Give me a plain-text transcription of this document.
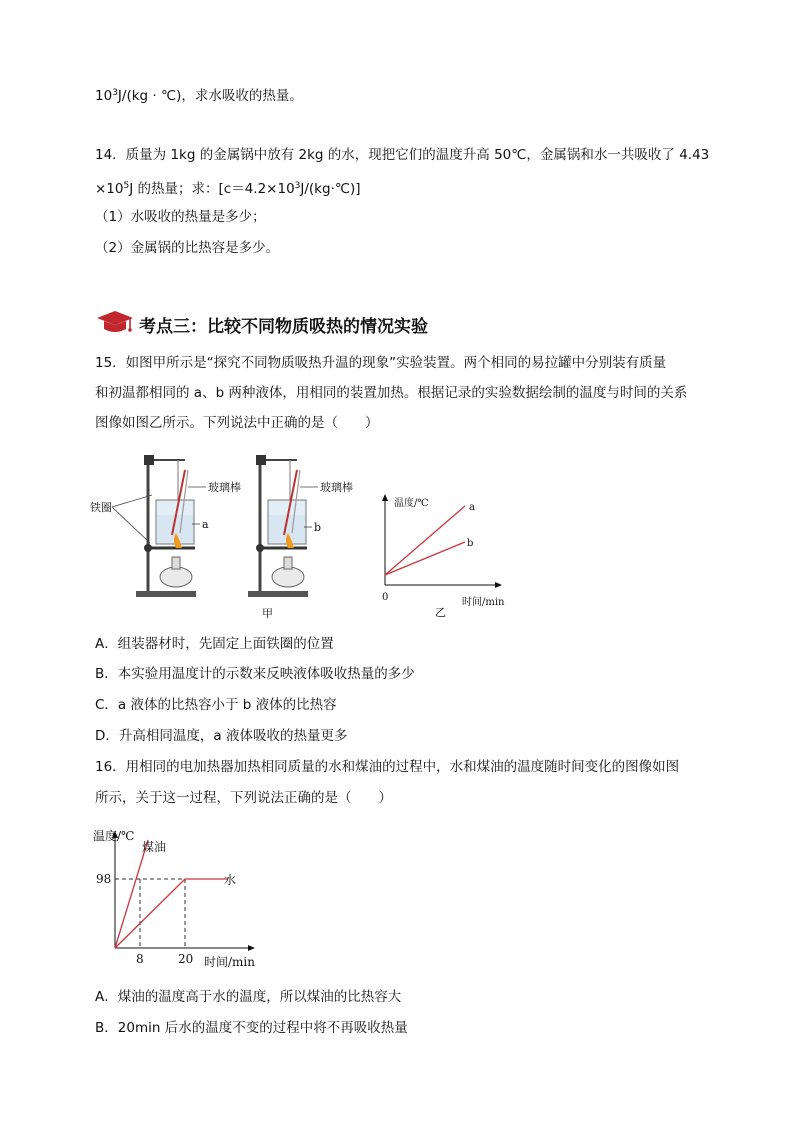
$10^3J/(kg$ · ℃)，求水吸收的热量。
14．质量为 1kg 的金属锅中放有 2kg 的水，现把它们的温度升高 50℃，金属锅和水一共吸收了 4.43
$\times 10^5J$ 的热量；求：$[c=4.2\times 10^3J/(kg\cdot℃)]$
（1）水吸收的热量是多少；
（2）金属锅的比热容是多少。
考点三：比较不同物质吸热的情况实验
15．如图甲所示是“探究不同物质吸热升温的现象”实验装置。两个相同的易拉罐中分别装有质量
和初温都相同的 a、b 两种液体，用相同的装置加热。根据记录的实验数据绘制的温度与时间的关系
图像如图乙所示。下列说法中正确的是（　　）
铁圈
玻璃棒
a
玻璃棒
b
甲
温度/℃	a
b
0	时间/min
乙
A．组装器材时，先固定上面铁圈的位置
B．本实验用温度计的示数来反映液体吸收热量的多少
C．a 液体的比热容小于 b 液体的比热容
D．升高相同温度，a 液体吸收的热量更多
16．用相同的电加热器加热相同质量的水和煤油的过程中，水和煤油的温度随时间变化的图像如图
所示，关于这一过程，下列说法正确的是（　　）
温度/℃
煤油
水
98
8	20 时间/min
A．煤油的温度高于水的温度，所以煤油的比热容大
B．20min 后水的温度不变的过程中将不再吸收热量
